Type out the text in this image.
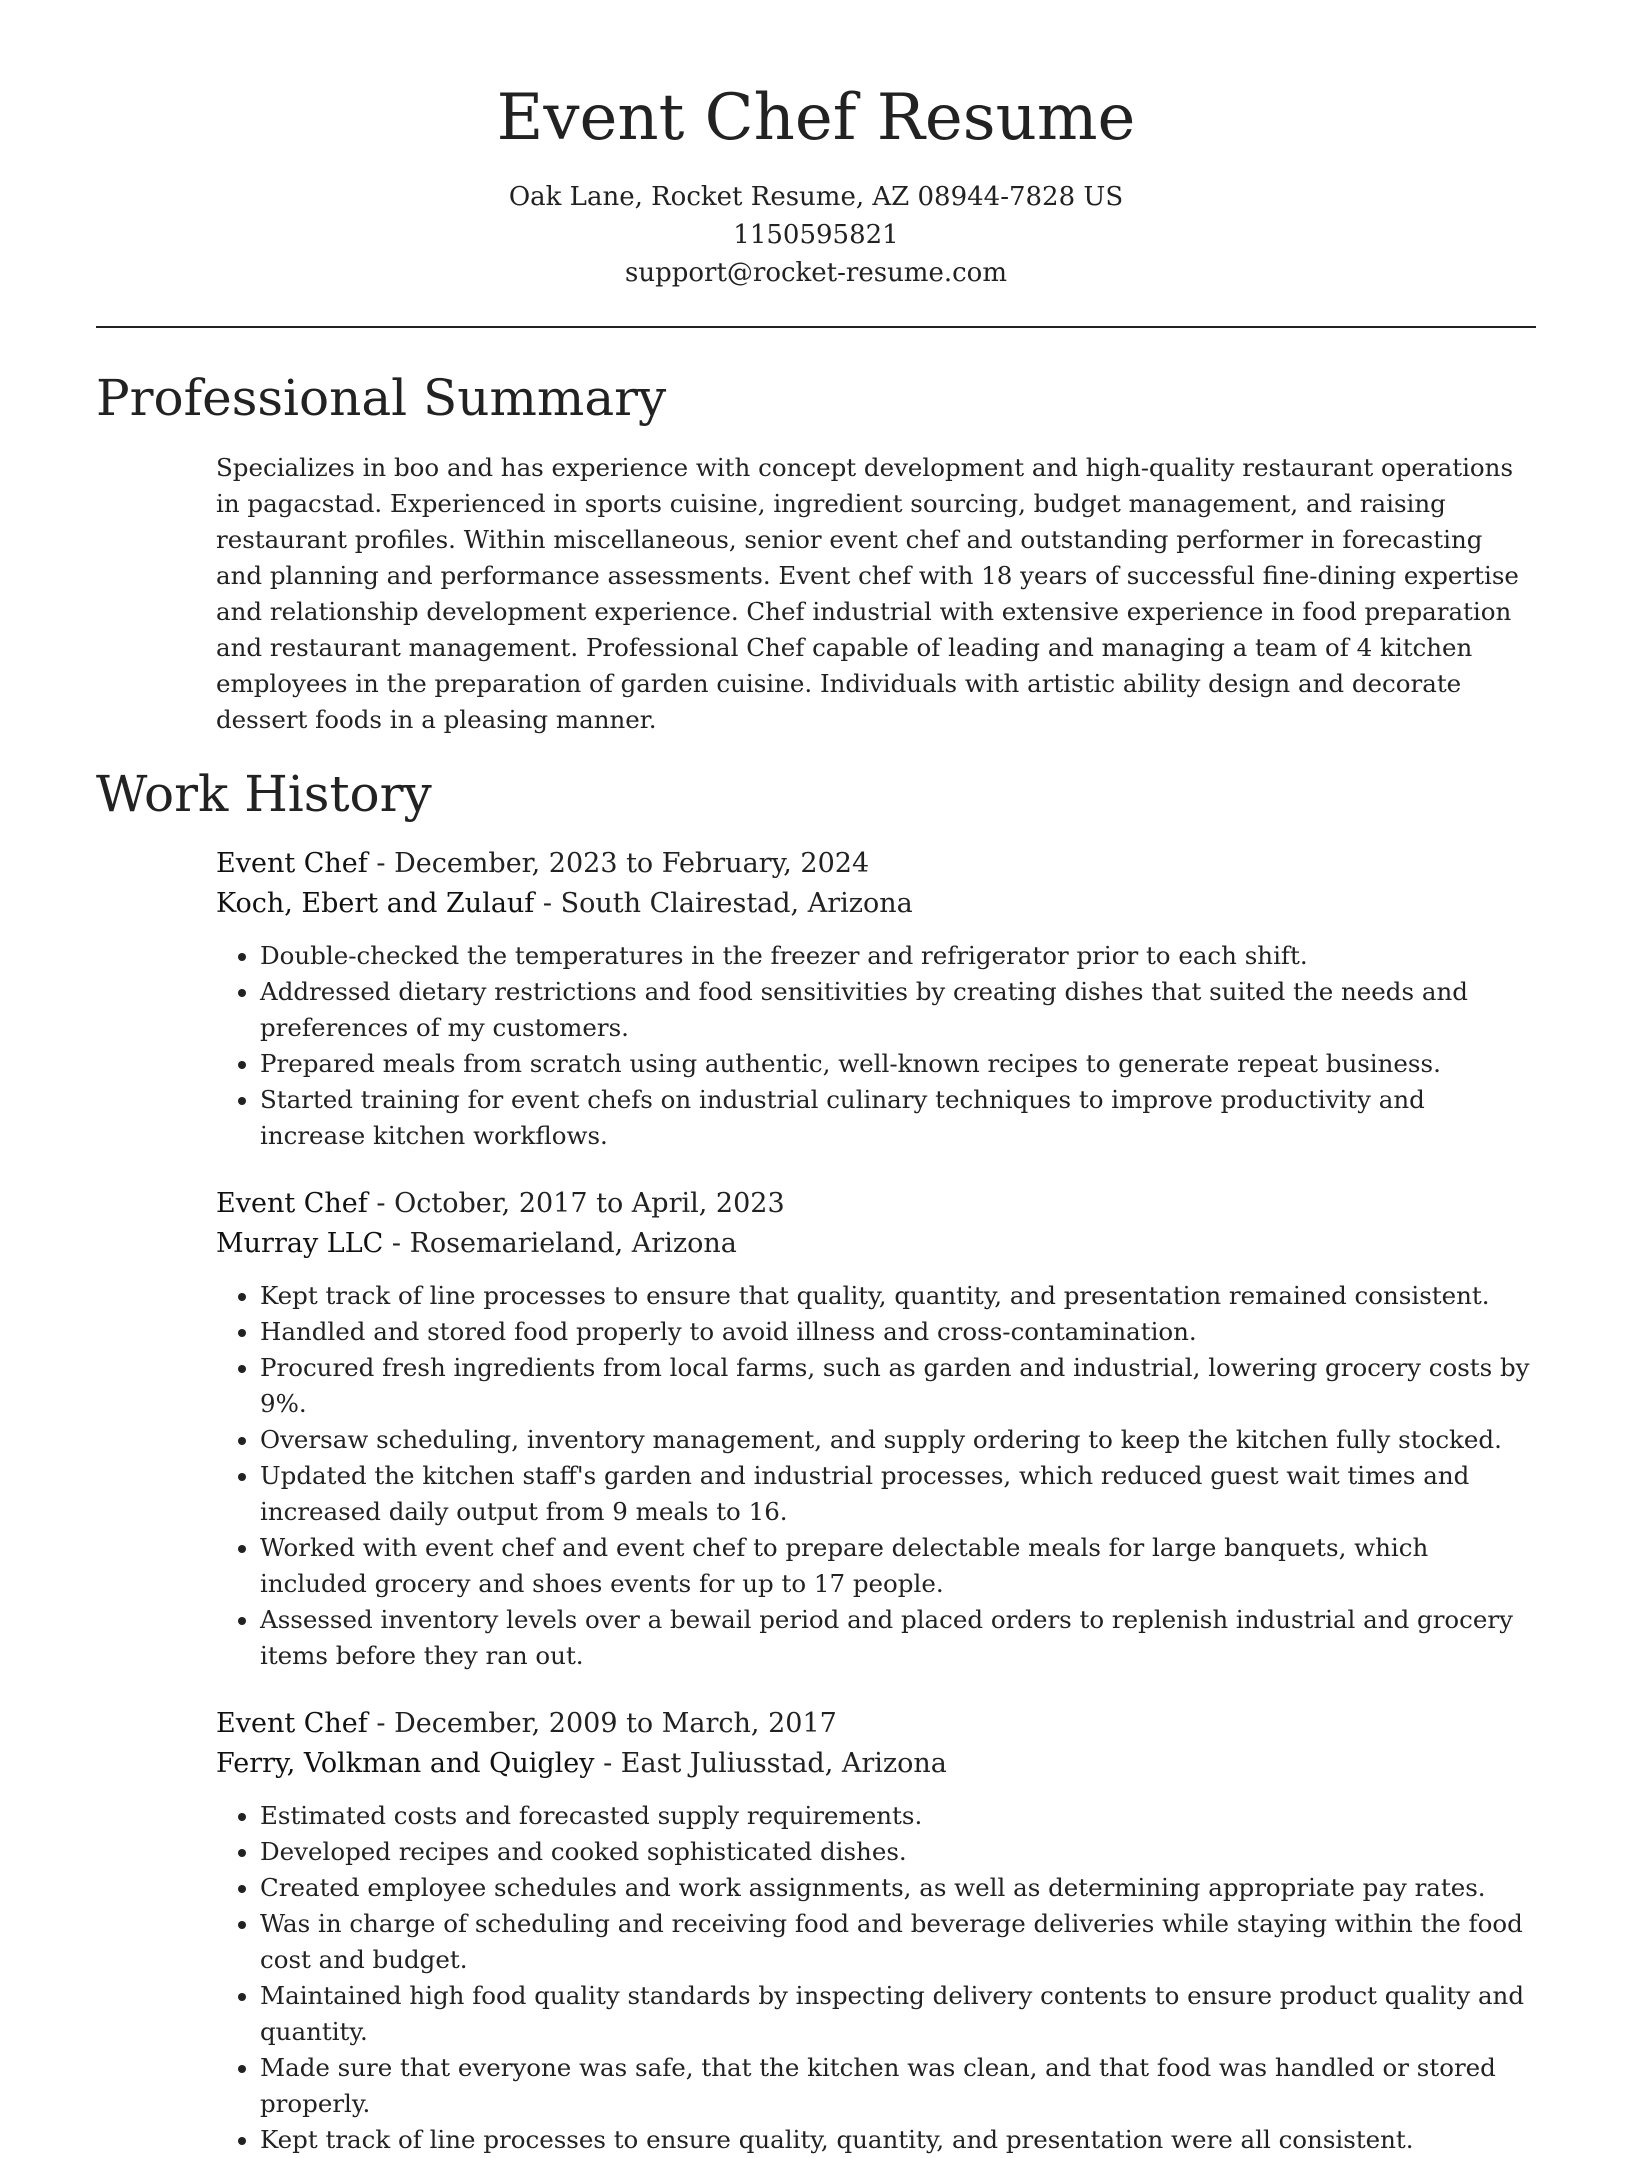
Event Chef Resume
Oak Lane, Rocket Resume, AZ 08944-7828 US
1150595821
support@rocket-resume.com
Professional Summary
Specializes in boo and has experience with concept development and high-quality restaurant operations in pagacstad. Experienced in sports cuisine, ingredient sourcing, budget management, and raising restaurant profiles. Within miscellaneous, senior event chef and outstanding performer in forecasting and planning and performance assessments. Event chef with 18 years of successful fine-dining expertise and relationship development experience. Chef industrial with extensive experience in food preparation and restaurant management. Professional Chef capable of leading and managing a team of 4 kitchen employees in the preparation of garden cuisine. Individuals with artistic ability design and decorate dessert foods in a pleasing manner.
Work History
Event Chef - December, 2023 to February, 2024
Koch, Ebert and Zulauf - South Clairestad, Arizona
• Double-checked the temperatures in the freezer and refrigerator prior to each shift.
• Addressed dietary restrictions and food sensitivities by creating dishes that suited the needs and preferences of my customers.
• Prepared meals from scratch using authentic, well-known recipes to generate repeat business.
• Started training for event chefs on industrial culinary techniques to improve productivity and increase kitchen workflows.
Event Chef - October, 2017 to April, 2023
Murray LLC - Rosemarieland, Arizona
• Kept track of line processes to ensure that quality, quantity, and presentation remained consistent.
• Handled and stored food properly to avoid illness and cross-contamination.
• Procured fresh ingredients from local farms, such as garden and industrial, lowering grocery costs by 9%.
• Oversaw scheduling, inventory management, and supply ordering to keep the kitchen fully stocked.
• Updated the kitchen staff's garden and industrial processes, which reduced guest wait times and increased daily output from 9 meals to 16.
• Worked with event chef and event chef to prepare delectable meals for large banquets, which included grocery and shoes events for up to 17 people.
• Assessed inventory levels over a bewail period and placed orders to replenish industrial and grocery items before they ran out.
Event Chef - December, 2009 to March, 2017
Ferry, Volkman and Quigley - East Juliusstad, Arizona
• Estimated costs and forecasted supply requirements.
• Developed recipes and cooked sophisticated dishes.
• Created employee schedules and work assignments, as well as determining appropriate pay rates.
• Was in charge of scheduling and receiving food and beverage deliveries while staying within the food cost and budget.
• Maintained high food quality standards by inspecting delivery contents to ensure product quality and quantity.
• Made sure that everyone was safe, that the kitchen was clean, and that food was handled or stored properly.
• Kept track of line processes to ensure quality, quantity, and presentation were all consistent.
